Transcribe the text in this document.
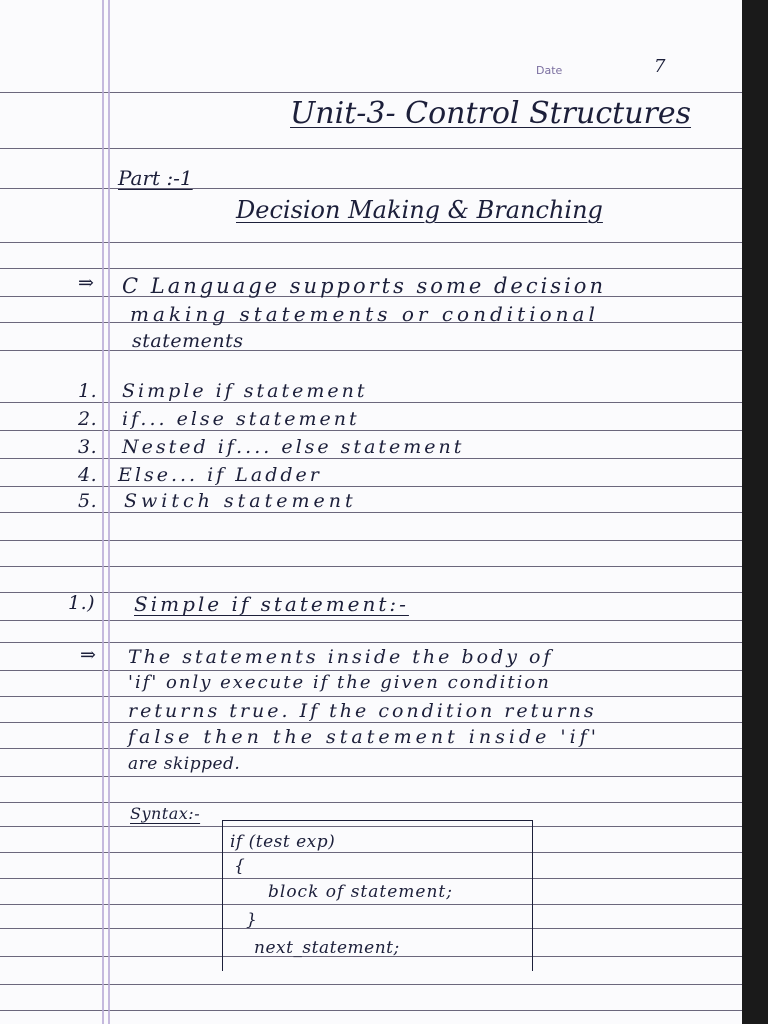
Date	7
Unit-3- Control Structures
Part :-1
Decision Making & Branching
⇒ C Language supports some decision
making statements or conditional
statements
1. Simple if statement
2. if... else statement
3. Nested if.... else statement
4. Else... if Ladder
5. Switch statement
1.) Simple if statement:-
⇒ The statements inside the body of
'if' only execute if the given condition
returns true. If the condition returns
false then the statement inside 'if'
are skipped.
Syntax:-
if (test exp)
{
block of statement;
}
next_statement;
